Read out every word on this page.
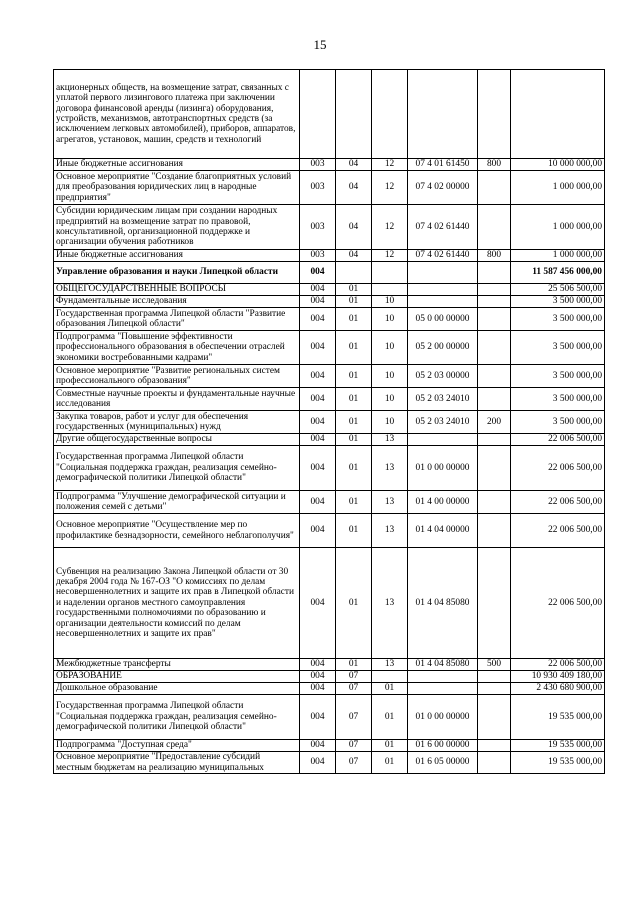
15
акционерных обществ, на возмещение затрат, связанных с уплатой первого лизингового платежа при заключении договора финансовой аренды (лизинга) оборудования, устройств, механизмов, автотранспортных средств (за исключением легковых автомобилей), приборов, аппаратов, агрегатов, установок, машин, средств и технологий						
Иные бюджетные ассигнования	003	04	12	07 4 01 61450	800	10 000 000,00
Основное мероприятие "Создание благоприятных условий для преобразования юридических лиц в народные предприятия"	003	04	12	07 4 02 00000		1 000 000,00
Субсидии юридическим лицам при создании народных предприятий на возмещение затрат по правовой, консультативной, организационной поддержке и организации обучения работников	003	04	12	07 4 02 61440		1 000 000,00
Иные бюджетные ассигнования	003	04	12	07 4 02 61440	800	1 000 000,00
Управление образования и науки Липецкой области	004					11 587 456 000,00
ОБЩЕГОСУДАРСТВЕННЫЕ ВОПРОСЫ	004	01				25 506 500,00
Фундаментальные исследования	004	01	10			3 500 000,00
Государственная программа Липецкой области "Развитие образования Липецкой области"	004	01	10	05 0 00 00000		3 500 000,00
Подпрограмма "Повышение эффективности профессионального образования в обеспечении отраслей экономики востребованными кадрами"	004	01	10	05 2 00 00000		3 500 000,00
Основное мероприятие "Развитие региональных систем профессионального образования"	004	01	10	05 2 03 00000		3 500 000,00
Совместные научные проекты и фундаментальные научные исследования	004	01	10	05 2 03 24010		3 500 000,00
Закупка товаров, работ и услуг для обеспечения государственных (муниципальных) нужд	004	01	10	05 2 03 24010	200	3 500 000,00
Другие общегосударственные вопросы	004	01	13			22 006 500,00
Государственная программа Липецкой области "Социальная поддержка граждан, реализация семейно-демографической политики Липецкой области"	004	01	13	01 0 00 00000		22 006 500,00
Подпрограмма "Улучшение демографической ситуации и положения семей с детьми"	004	01	13	01 4 00 00000		22 006 500,00
Основное мероприятие "Осуществление мер по профилактике безнадзорности, семейного неблагополучия"	004	01	13	01 4 04 00000		22 006 500,00
Субвенция на реализацию Закона Липецкой области от 30 декабря 2004 года № 167-ОЗ "О комиссиях по делам несовершеннолетних и защите их прав в Липецкой области и наделении органов местного самоуправления государственными полномочиями по образованию и организации деятельности комиссий по делам несовершеннолетних и защите их прав"	004	01	13	01 4 04 85080		22 006 500,00
Межбюджетные трансферты	004	01	13	01 4 04 85080	500	22 006 500,00
ОБРАЗОВАНИЕ	004	07				10 930 409 180,00
Дошкольное образование	004	07	01			2 430 680 900,00
Государственная программа Липецкой области "Социальная поддержка граждан, реализация семейно-демографической политики Липецкой области"	004	07	01	01 0 00 00000		19 535 000,00
Подпрограмма "Доступная среда"	004	07	01	01 6 00 00000		19 535 000,00
Основное мероприятие "Предоставление субсидий местным бюджетам на реализацию муниципальных	004	07	01	01 6 05 00000		19 535 000,00
